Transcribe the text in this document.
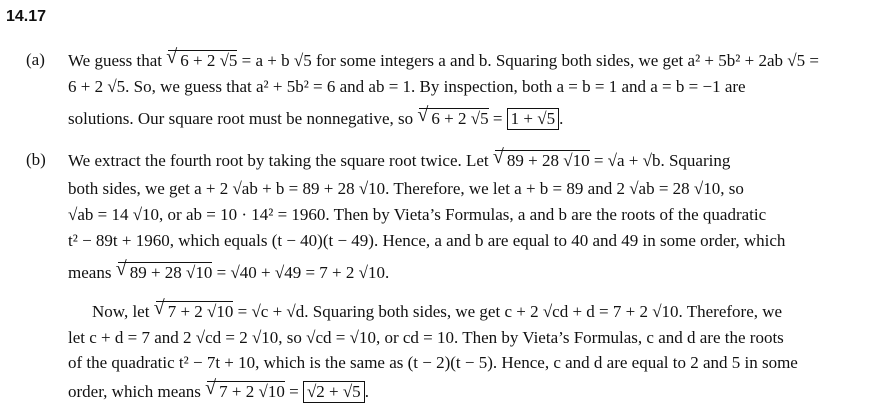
14.17
(a) We guess that √ 6 + 2 √5 = a + b √5 for some integers a and b. Squaring both sides, we get a² + 5b² + 2ab √5 =
6 + 2 √5. So, we guess that a² + 5b² = 6 and ab = 1. By inspection, both a = b = 1 and a = b = −1 are
solutions. Our square root must be nonnegative, so √ 6 + 2 √5 = 1 + √5 .
(b) We extract the fourth root by taking the square root twice. Let √ 89 + 28 √10 = √a + √b. Squaring
both sides, we get a + 2 √ab + b = 89 + 28 √10. Therefore, we let a + b = 89 and 2 √ab = 28 √10, so
√ab = 14 √10, or ab = 10 · 14² = 1960. Then by Vieta’s Formulas, a and b are the roots of the quadratic
t² − 89t + 1960, which equals (t − 40)(t − 49). Hence, a and b are equal to 40 and 49 in some order, which
means √ 89 + 28 √10 = √40 + √49 = 7 + 2 √10.
Now, let √ 7 + 2 √10 = √c + √d. Squaring both sides, we get c + 2 √cd + d = 7 + 2 √10. Therefore, we
let c + d = 7 and 2 √cd = 2 √10, so √cd = √10, or cd = 10. Then by Vieta’s Formulas, c and d are the roots
of the quadratic t² − 7t + 10, which is the same as (t − 2)(t − 5). Hence, c and d are equal to 2 and 5 in some
order, which means √ 7 + 2 √10 = √2 + √5 .
